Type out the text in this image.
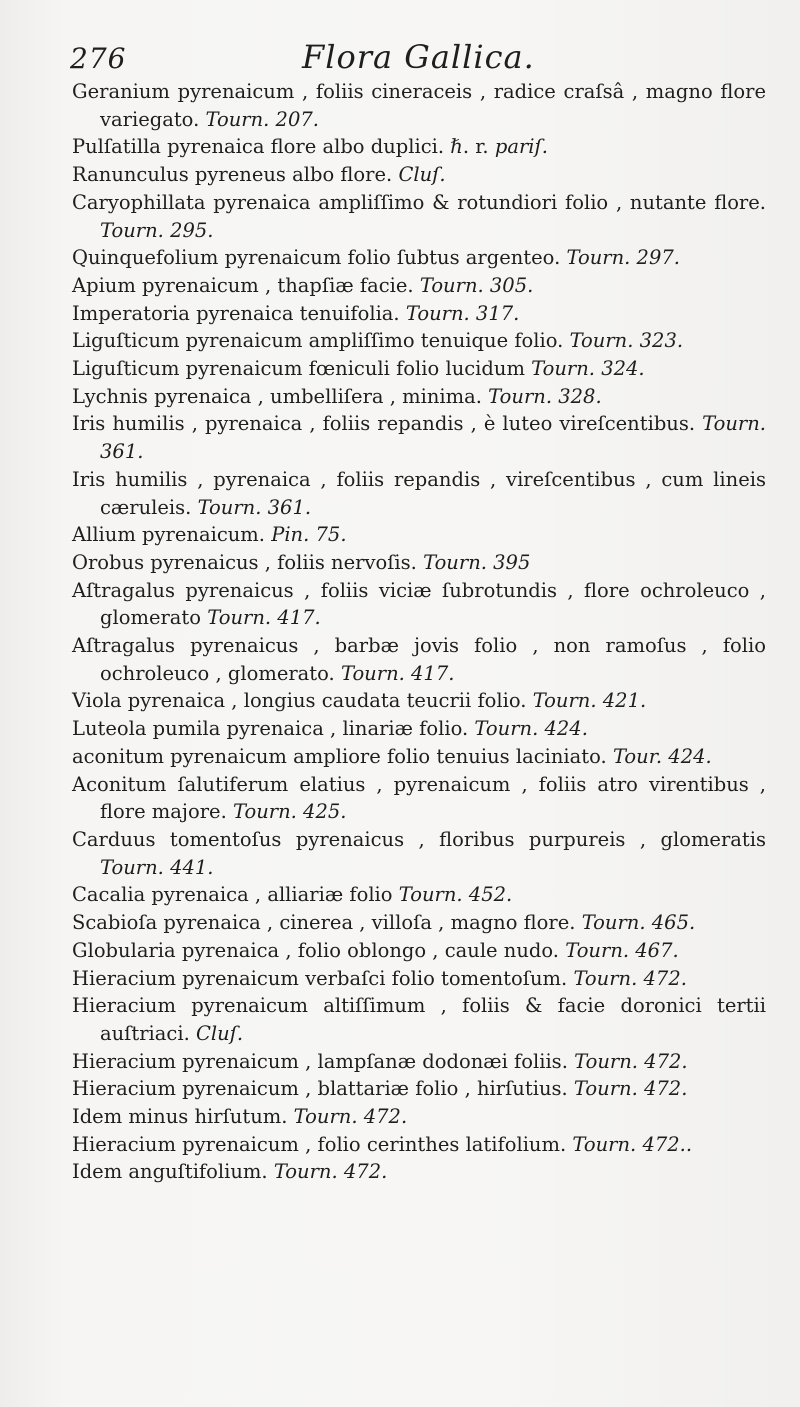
276	Flora Gallica.

Geranium pyrenaicum , foliis cineraceis , radice craſsâ , magno flore variegato. Tourn. 207.

Pulſatilla pyrenaica flore albo duplici. ℏ. r. pariſ.

Ranunculus pyreneus albo flore. Cluſ.

Caryophillata pyrenaica ampliſſimo & rotundiori folio , nutante flore. Tourn. 295.

Quinquefolium pyrenaicum folio ſubtus argenteo. Tourn. 297.

Apium pyrenaicum , thapſiæ facie. Tourn. 305.

Imperatoria pyrenaica tenuifolia. Tourn. 317.

Liguſticum pyrenaicum ampliſſimo tenuique folio. Tourn. 323.

Liguſticum pyrenaicum fœniculi folio lucidum Tourn. 324.

Lychnis pyrenaica , umbelliſera , minima. Tourn. 328.

Iris humilis , pyrenaica , foliis repandis , è luteo vireſcentibus. Tourn. 361.

Iris humilis , pyrenaica , foliis repandis , vireſcentibus , cum lineis cæruleis. Tourn. 361.

Allium pyrenaicum. Pin. 75.

Orobus pyrenaicus , foliis nervoſis. Tourn. 395

Aſtragalus pyrenaicus , foliis viciæ ſubrotundis , flore ochroleuco , glomerato Tourn. 417.

Aſtragalus pyrenaicus , barbæ jovis folio , non ramoſus , folio ochroleuco , glomerato. Tourn. 417.

Viola pyrenaica , longius caudata teucrii folio. Tourn. 421.

Luteola pumila pyrenaica , linariæ folio. Tourn. 424.

aconitum pyrenaicum ampliore folio tenuius laciniato. Tour. 424.

Aconitum ſalutiferum elatius , pyrenaicum , foliis atro virentibus , flore majore. Tourn. 425.

Carduus tomentoſus pyrenaicus , floribus purpureis , glomeratis Tourn. 441.

Cacalia pyrenaica , alliariæ folio Tourn. 452.

Scabioſa pyrenaica , cinerea , villoſa , magno flore. Tourn. 465.

Globularia pyrenaica , folio oblongo , caule nudo. Tourn. 467.

Hieracium pyrenaicum verbaſci folio tomentoſum. Tourn. 472.

Hieracium pyrenaicum altiſſimum , foliis & facie doronici tertii auſtriaci. Cluſ.

Hieracium pyrenaicum , lampſanæ dodonæi foliis. Tourn. 472.

Hieracium pyrenaicum , blattariæ folio , hirſutius. Tourn. 472.

Idem minus hirſutum. Tourn. 472.

Hieracium pyrenaicum , folio cerinthes latifolium. Tourn. 472..

Idem anguſtifolium. Tourn. 472.
